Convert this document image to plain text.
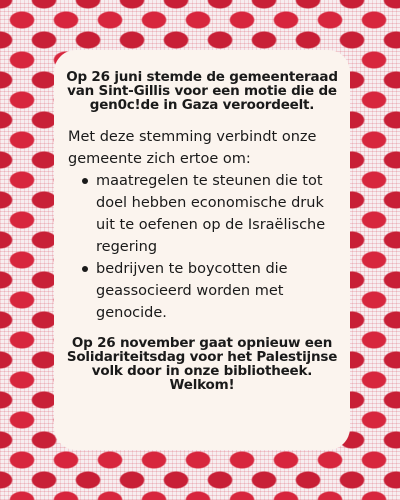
Op 26 juni stemde de gemeenteraad van Sint-Gillis voor een motie die de gen0c!de in Gaza veroordeelt.

Met deze stemming verbindt onze gemeente zich ertoe om:

maatregelen te steunen die tot doel hebben economische druk uit te oefenen op de Israëlische regering
bedrijven te boycotten die geassocieerd worden met genocide.

Op 26 november gaat opnieuw een Solidariteitsdag voor het Palestijnse volk door in onze bibliotheek. Welkom!
